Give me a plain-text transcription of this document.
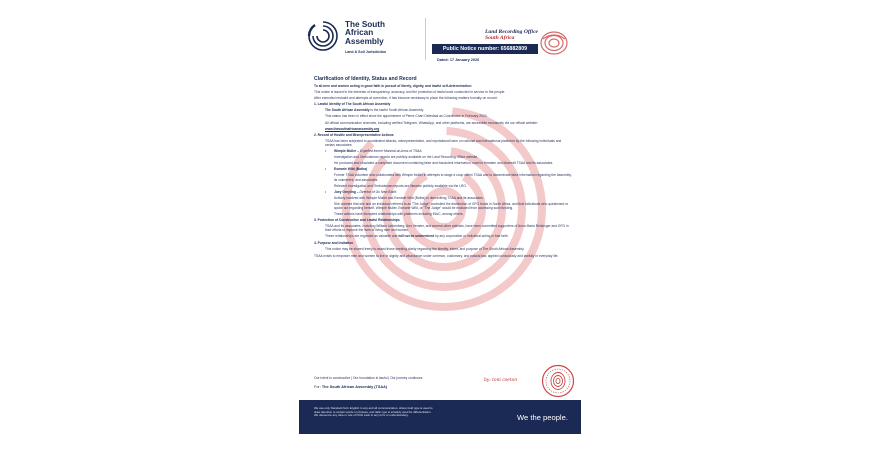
The South
African
Assembly
Land & Soil Jurisdiction
Land Recording Office
South Africa
Public Notice number: 656882809
Dated: 17 January 2026

Clarification of Identity, Status and Record

To all men and women acting in good faith in pursuit of liberty, dignity, and lawful self-determination:

This notice is issued in the interests of transparency, accuracy, and the protection of lawful work conducted in service to the people.

After extended restraint and attempts at correction, it has become necessary to place the following matters formally on record:

1. Lawful Identity of The South African Assembly

The South African Assembly is the lawful South African Assembly.

This status has been in effect since the appointment of Pierre-Charl Oelesfaal as Coordinator in February 2024.

All official communication channels, including verified Telegram, WhatsApp, and other platforms, are accessible exclusively via our official website:

www.thesouthafricanassembly.org

2. Record of Hostile and Misrepresentative Actions

TSAA has been subjected to coordinated attacks, misrepresentation, and reputational harm on national and international platforms by the following individuals and certain associates:

• Wimpie Muller – Expelled former Marshal-at-Arms of TSAA

Investigation and Ombudsman reports are publicly available on the Land Recording Office website.

He produced and circulated a complaint document containing false and fraudulent information, used to threaten and discredit TSAA and its associates.

• Esmarie Wild (Botha)

Former TSAA volunteer who collaborated with Wimpie Muller in attempts to stage a coup within TSAA and to disseminate false information regarding the Assembly, its volunteers, and associates.

Relevant investigation and Ombudsman reports are likewise publicly available via the LRO.

• Joey Greyling – Director of Go New Earth.

Actively involved with Wimpie Muller and Esmarie Wild (Botha) in discrediting TSAA and its associates.

She claimed that she and an individual referred to as "The Judge" controlled the distribution of GFG funds in South Africa, and that individuals who questioned or spoke out regarding herself, Wimpie Muller, Esmarie Wild, or "The Judge" would be excluded from accessing such funding.

These actions have disrupted relationships with platforms including INAC, among others.

3. Protection of Constructive and Lawful Relationships

TSAA and its associates, including William Liebenberg, Ann Venster, and several other activists, have been committed supporters of Anna Maria Reitsinger and GFG in their efforts to improve the lives of living men and women.

These relationships are regarded as valuable and will not be undermined by any corporation or individual acting in bad faith.

4. Purpose and Invitation

This notice may be shared freely to assist those seeking clarity regarding the identity, intent, and purpose of The South African Assembly.

TSAA exists to empower men and women to live in dignity and abundance under common, customary, and natural law, applied consciously and lawfully in everyday life.

Our intent is constructive | Our foundation is lawful | Our journey continues	by: toni coeton
For: The South African Assembly (TSAA)

We use only Standard form English in any and all communication, where bold type is used to

draw attention to certain words or phrases, and italic type is similarly used for differentiation.

We denounce any idea or rule of DOG Latin in any form or understanding.	We the people.
